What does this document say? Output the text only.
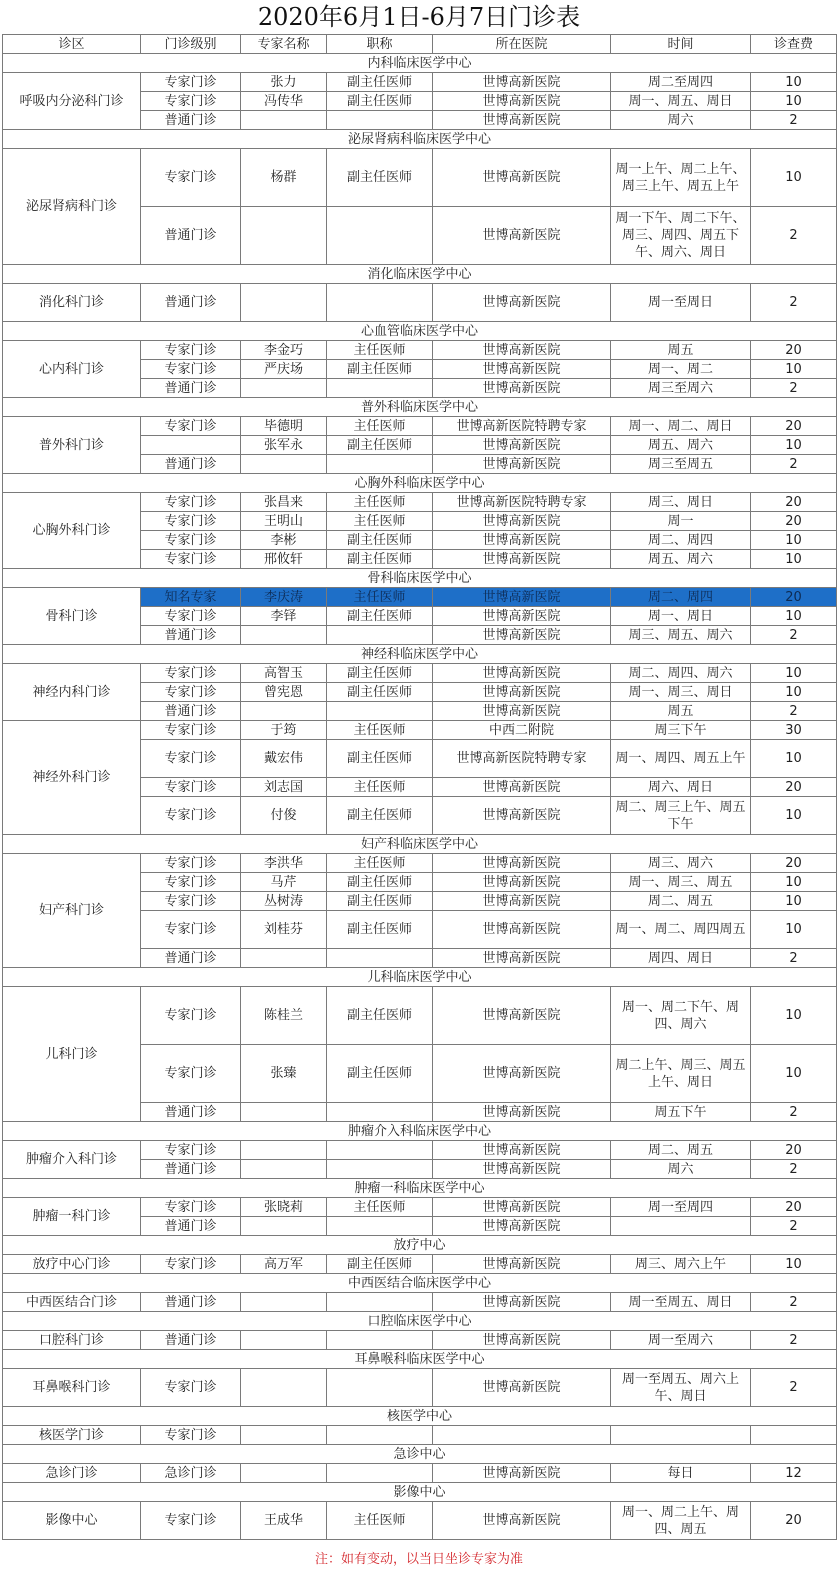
2020年6月1日-6月7日门诊表
诊区	门诊级别	专家名称	职称	所在医院	时间	诊查费
内科临床医学中心						
呼吸内分泌科门诊	专家门诊	张力	副主任医师	世博高新医院	周二至周四	10
	专家门诊	冯传华	副主任医师	世博高新医院	周一、周五、周日	10
	普通门诊			世博高新医院	周六	2
泌尿肾病科临床医学中心						
泌尿肾病科门诊	专家门诊	杨群	副主任医师	世博高新医院	周一上午、周二上午、周三上午、周五上午	10
	普通门诊			世博高新医院	周一下午、周二下午、周三、周四、周五下午、周六、周日	2
消化临床医学中心						
消化科门诊	普通门诊			世博高新医院	周一至周日	2
心血管临床医学中心						
心内科门诊	专家门诊	李金巧	主任医师	世博高新医院	周五	20
	专家门诊	严庆场	副主任医师	世博高新医院	周一、周二	10
	普通门诊			世博高新医院	周三至周六	2
普外科临床医学中心						
普外科门诊	专家门诊	毕德明	主任医师	世博高新医院特聘专家	周一、周二、周日	20
		张军永	副主任医师	世博高新医院	周五、周六	10
	普通门诊			世博高新医院	周三至周五	2
心胸外科临床医学中心						
心胸外科门诊	专家门诊	张昌来	主任医师	世博高新医院特聘专家	周三、周日	20
	专家门诊	王明山	主任医师	世博高新医院	周一	20
	专家门诊	李彬	副主任医师	世博高新医院	周二、周四	10
	专家门诊	邢攸轩	副主任医师	世博高新医院	周五、周六	10
骨科临床医学中心						
骨科门诊	知名专家	李庆涛	主任医师	世博高新医院	周二、周四	20
	专家门诊	李铎	副主任医师	世博高新医院	周一、周日	10
	普通门诊			世博高新医院	周三、周五、周六	2
神经科临床医学中心						
神经内科门诊	专家门诊	高智玉	副主任医师	世博高新医院	周二、周四、周六	10
	专家门诊	曾宪恩	副主任医师	世博高新医院	周一、周三、周日	10
	普通门诊			世博高新医院	周五	2
神经外科门诊	专家门诊	于筠	主任医师	中西二附院	周三下午	30
	专家门诊	戴宏伟	副主任医师	世博高新医院特聘专家	周一、周四、周五上午	10
	专家门诊	刘志国	主任医师	世博高新医院	周六、周日	20
	专家门诊	付俊	副主任医师	世博高新医院	周二、周三上午、周五下午	10
妇产科临床医学中心						
妇产科门诊	专家门诊	李洪华	主任医师	世博高新医院	周三、周六	20
	专家门诊	马芹	副主任医师	世博高新医院	周一、周三、周五	10
	专家门诊	丛树涛	副主任医师	世博高新医院	周二、周五	10
	专家门诊	刘桂芬	副主任医师	世博高新医院	周一、周二、周四周五	10
	普通门诊			世博高新医院	周四、周日	2
儿科临床医学中心						
儿科门诊	专家门诊	陈桂兰	副主任医师	世博高新医院	周一、周二下午、周四、周六	10
	专家门诊	张臻	副主任医师	世博高新医院	周二上午、周三、周五上午、周日	10
	普通门诊			世博高新医院	周五下午	2
肿瘤介入科临床医学中心						
肿瘤介入科门诊	专家门诊			世博高新医院	周二、周五	20
	普通门诊			世博高新医院	周六	2
肿瘤一科临床医学中心						
肿瘤一科门诊	专家门诊	张晓莉	主任医师	世博高新医院	周一至周四	20
	普通门诊			世博高新医院		2
放疗中心						
放疗中心门诊	专家门诊	高万军	副主任医师	世博高新医院	周三、周六上午	10
中西医结合临床医学中心						
中西医结合门诊	普通门诊			世博高新医院	周一至周五、周日	2
口腔临床医学中心						
口腔科门诊	普通门诊			世博高新医院	周一至周六	2
耳鼻喉科临床医学中心						
耳鼻喉科门诊	专家门诊			世博高新医院	周一至周五、周六上午、周日	2
核医学中心						
核医学门诊	专家门诊					
急诊中心						
急诊门诊	急诊门诊			世博高新医院	每日	12
影像中心						
影像中心	专家门诊	王成华	主任医师	世博高新医院	周一、周二上午、周四、周五	20
注：如有变动，以当日坐诊专家为准
